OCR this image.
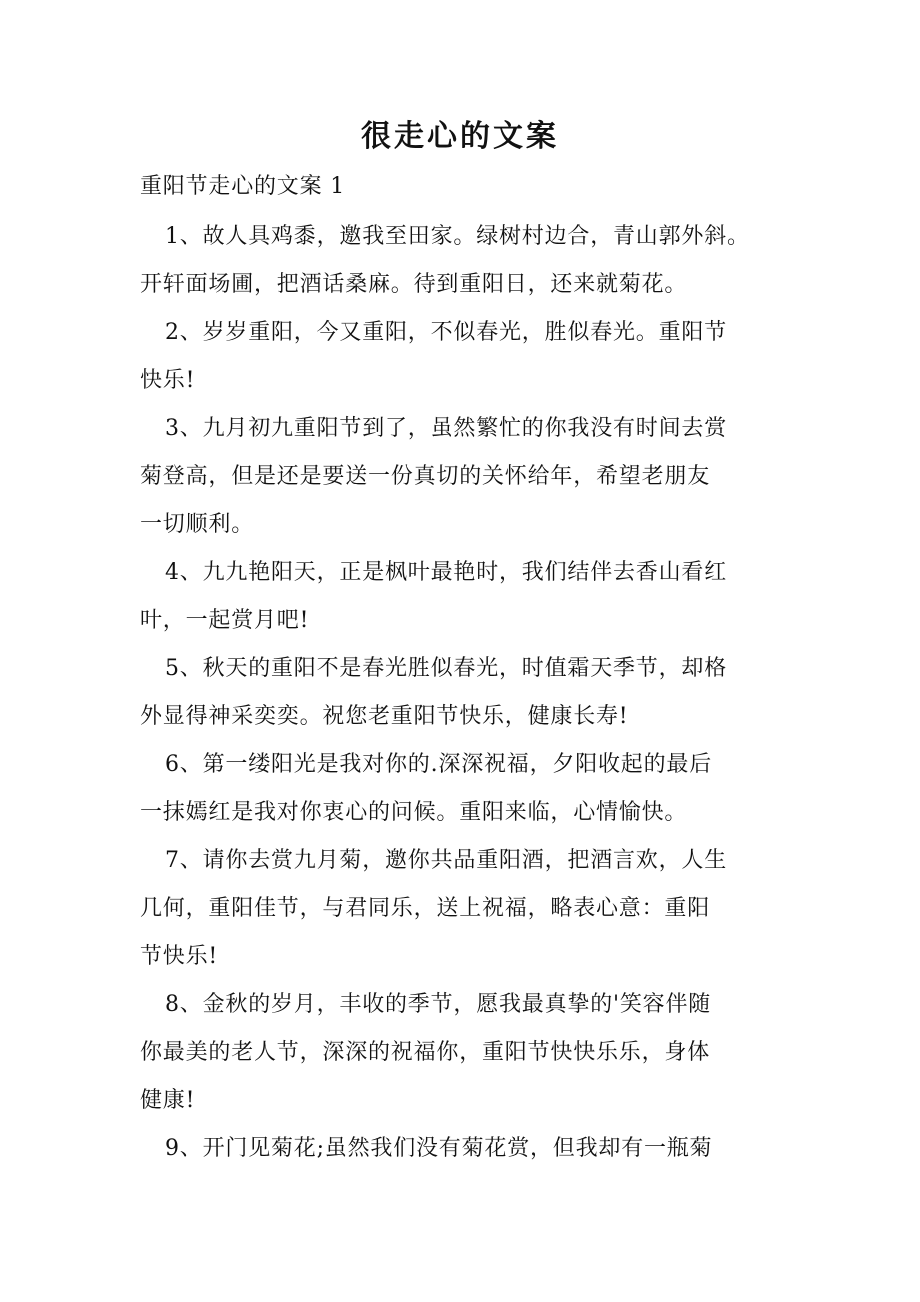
很走心的文案
重阳节走心的文案 1
1、故人具鸡黍，邀我至田家。绿树村边合，青山郭外斜。
开轩面场圃，把酒话桑麻。待到重阳日，还来就菊花。
2、岁岁重阳，今又重阳，不似春光，胜似春光。重阳节
快乐!
3、九月初九重阳节到了，虽然繁忙的你我没有时间去赏
菊登高，但是还是要送一份真切的关怀给年，希望老朋友
一切顺利。
4、九九艳阳天，正是枫叶最艳时，我们结伴去香山看红
叶，一起赏月吧!
5、秋天的重阳不是春光胜似春光，时值霜天季节，却格
外显得神采奕奕。祝您老重阳节快乐，健康长寿!
6、第一缕阳光是我对你的.深深祝福，夕阳收起的最后
一抹嫣红是我对你衷心的问候。重阳来临，心情愉快。
7、请你去赏九月菊，邀你共品重阳酒，把酒言欢，人生
几何，重阳佳节，与君同乐，送上祝福，略表心意：重阳
节快乐!
8、金秋的岁月，丰收的季节，愿我最真挚的'笑容伴随
你最美的老人节，深深的祝福你，重阳节快快乐乐，身体
健康!
9、开门见菊花;虽然我们没有菊花赏，但我却有一瓶菊
